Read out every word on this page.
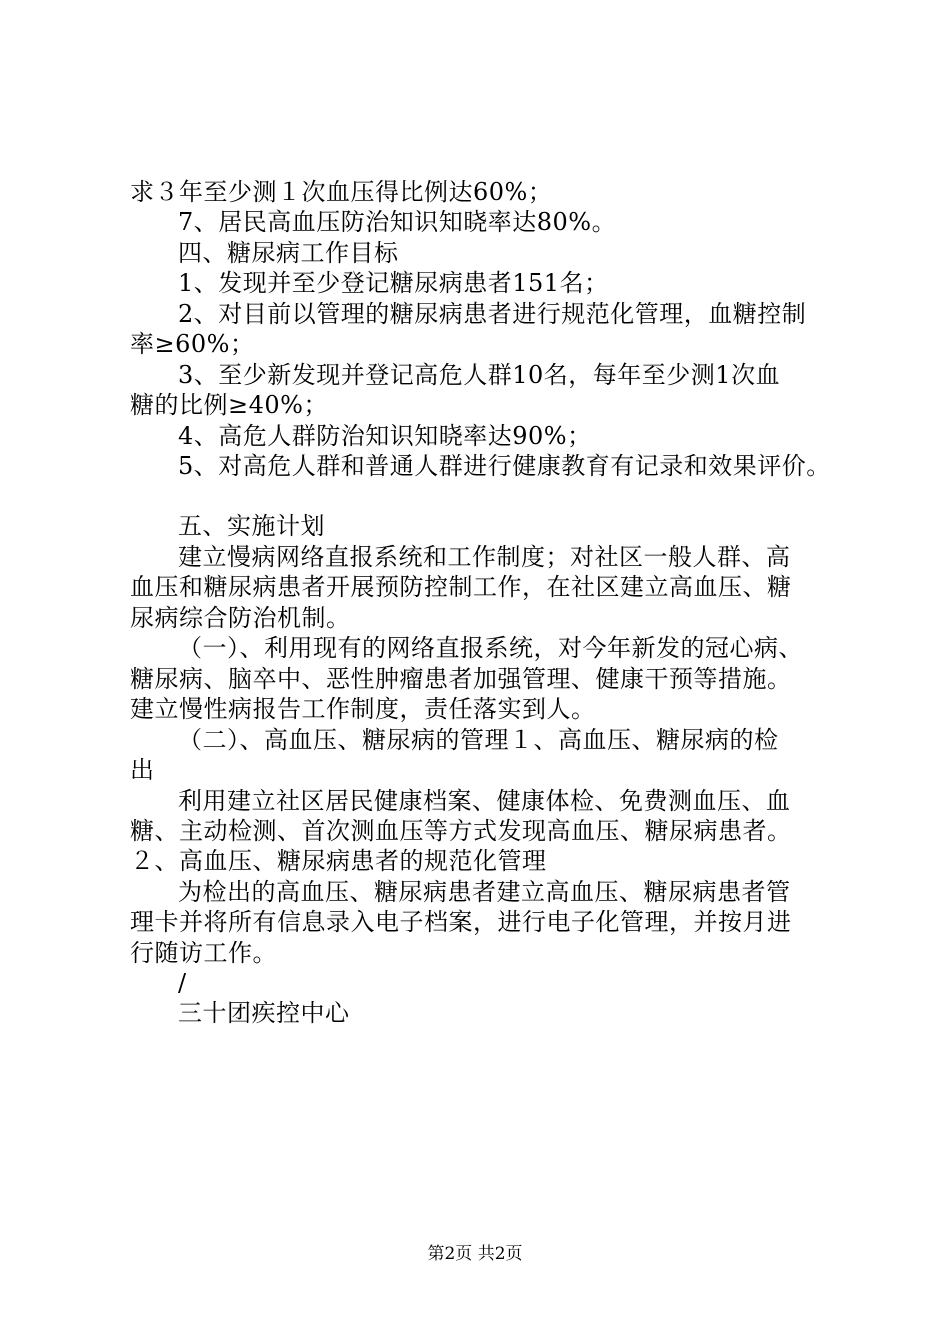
求３年至少测１次血压得比例达60%；
7、居民高血压防治知识知晓率达80%。
四、糖尿病工作目标
1、发现并至少登记糖尿病患者151名；
2、对目前以管理的糖尿病患者进行规范化管理，血糖控制
率≥60%；
3、至少新发现并登记高危人群10名，每年至少测1次血
糖的比例≥40%；
4、高危人群防治知识知晓率达90%；
5、对高危人群和普通人群进行健康教育有记录和效果评价。
五、实施计划
建立慢病网络直报系统和工作制度；对社区一般人群、高
血压和糖尿病患者开展预防控制工作，在社区建立高血压、糖
尿病综合防治机制。
（一）、利用现有的网络直报系统，对今年新发的冠心病、
糖尿病、脑卒中、恶性肿瘤患者加强管理、健康干预等措施。
建立慢性病报告工作制度，责任落实到人。
（二）、高血压、糖尿病的管理１、高血压、糖尿病的检
出
利用建立社区居民健康档案、健康体检、免费测血压、血
糖、主动检测、首次测血压等方式发现高血压、糖尿病患者。
２、高血压、糖尿病患者的规范化管理
为检出的高血压、糖尿病患者建立高血压、糖尿病患者管
理卡并将所有信息录入电子档案，进行电子化管理，并按月进
行随访工作。
/
三十团疾控中心
第2页 共2页
